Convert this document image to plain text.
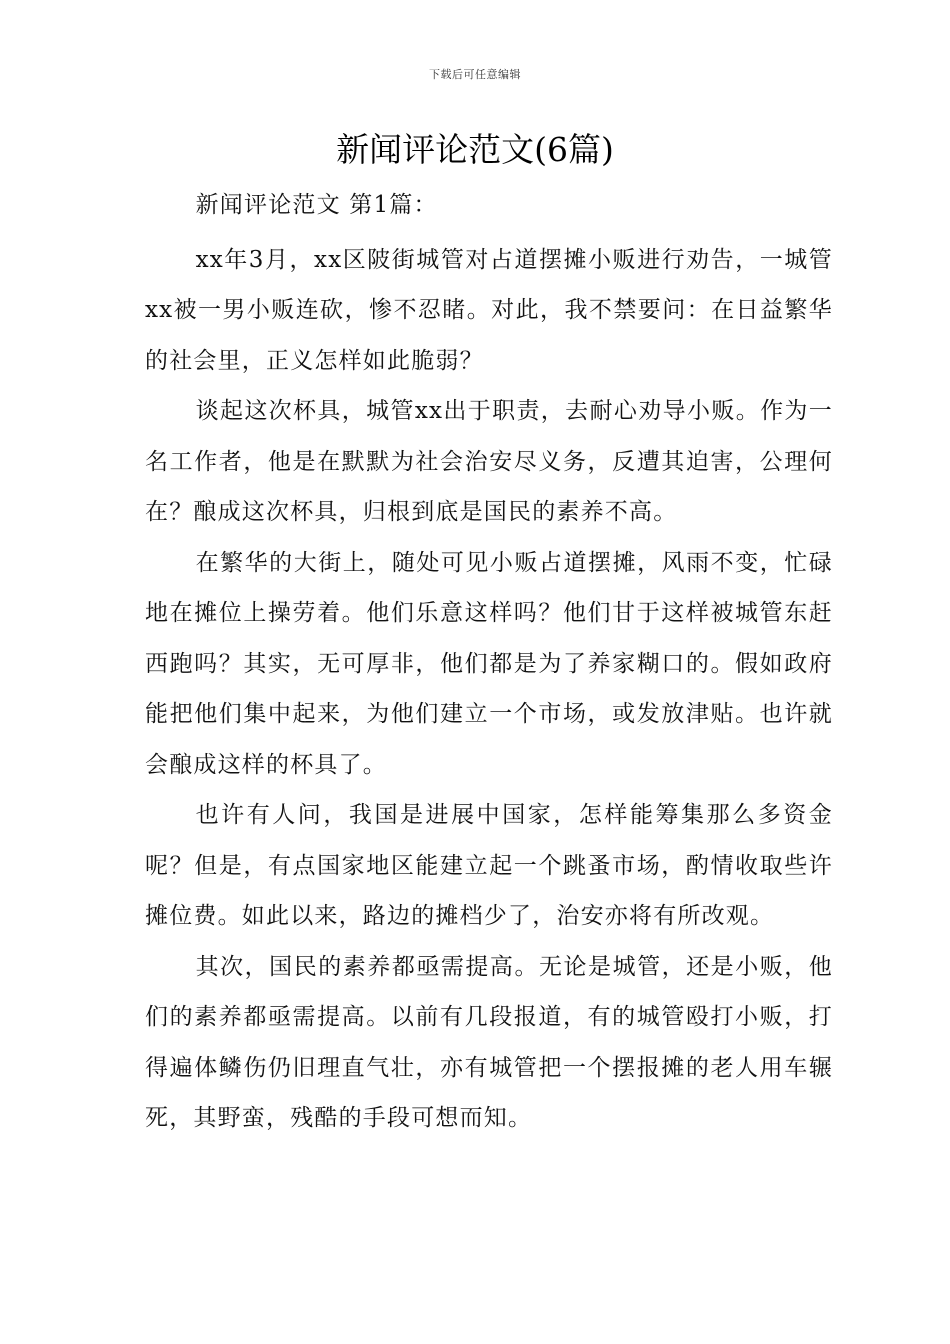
下载后可任意编辑
新闻评论范文(6篇)

新闻评论范文 第1篇：

xx年3月，xx区陂街城管对占道摆摊小贩进行劝告，一城管xx被一男小贩连砍，惨不忍睹。对此，我不禁要问：在日益繁华的社会里，正义怎样如此脆弱？

谈起这次杯具，城管xx出于职责，去耐心劝导小贩。作为一名工作者，他是在默默为社会治安尽义务，反遭其迫害，公理何在？酿成这次杯具，归根到底是国民的素养不高。

在繁华的大街上，随处可见小贩占道摆摊，风雨不变，忙碌地在摊位上操劳着。他们乐意这样吗？他们甘于这样被城管东赶西跑吗？其实，无可厚非，他们都是为了养家糊口的。假如政府能把他们集中起来，为他们建立一个市场，或发放津贴。也许就会酿成这样的杯具了。

也许有人问，我国是进展中国家，怎样能筹集那么多资金呢？但是，有点国家地区能建立起一个跳蚤市场，酌情收取些许摊位费。如此以来，路边的摊档少了，治安亦将有所改观。

其次，国民的素养都亟需提高。无论是城管，还是小贩，他们的素养都亟需提高。以前有几段报道，有的城管殴打小贩，打得遍体鳞伤仍旧理直气壮，亦有城管把一个摆报摊的老人用车辗死，其野蛮，残酷的手段可想而知。
